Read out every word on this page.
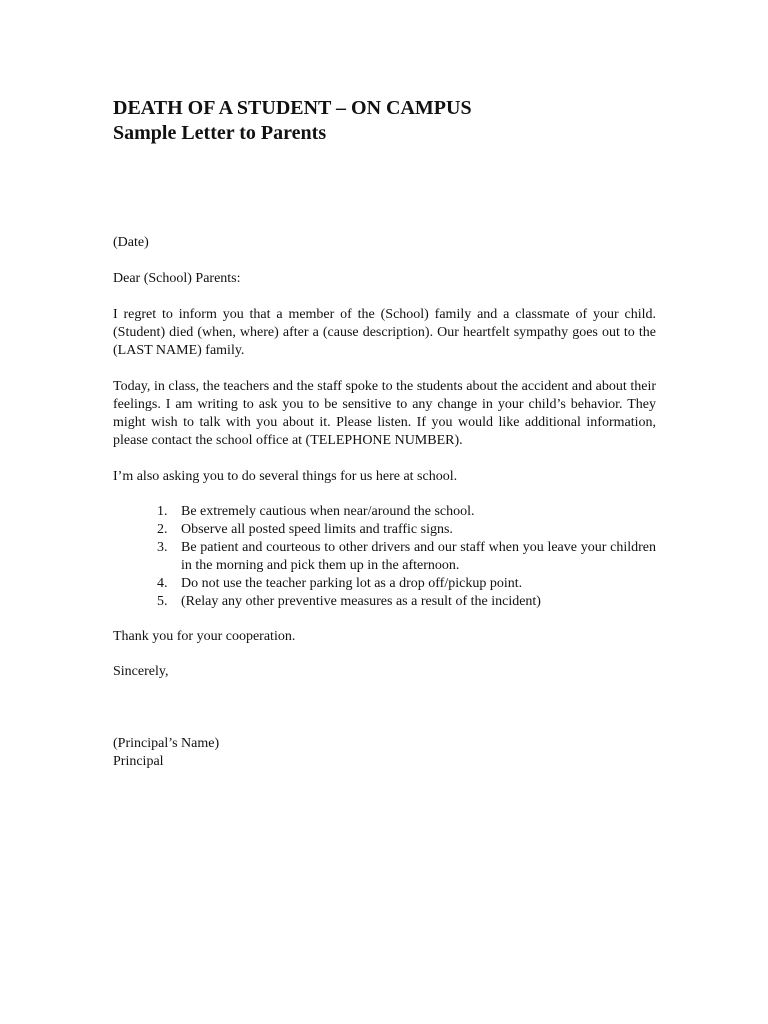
DEATH OF A STUDENT – ON CAMPUS
Sample Letter to Parents

(Date)

Dear (School) Parents:

I regret to inform you that a member of the (School) family and a classmate of your child. (Student) died (when, where) after a (cause description). Our heartfelt sympathy goes out to the (LAST NAME) family.

Today, in class, the teachers and the staff spoke to the students about the accident and about their feelings. I am writing to ask you to be sensitive to any change in your child’s behavior. They might wish to talk with you about it. Please listen. If you would like additional information, please contact the school office at (TELEPHONE NUMBER).

I’m also asking you to do several things for us here at school.

1. Be extremely cautious when near/around the school.
2. Observe all posted speed limits and traffic signs.
3. Be patient and courteous to other drivers and our staff when you leave your children in the morning and pick them up in the afternoon.
4. Do not use the teacher parking lot as a drop off/pickup point.
5. (Relay any other preventive measures as a result of the incident)

Thank you for your cooperation.

Sincerely,

(Principal’s Name)

Principal
